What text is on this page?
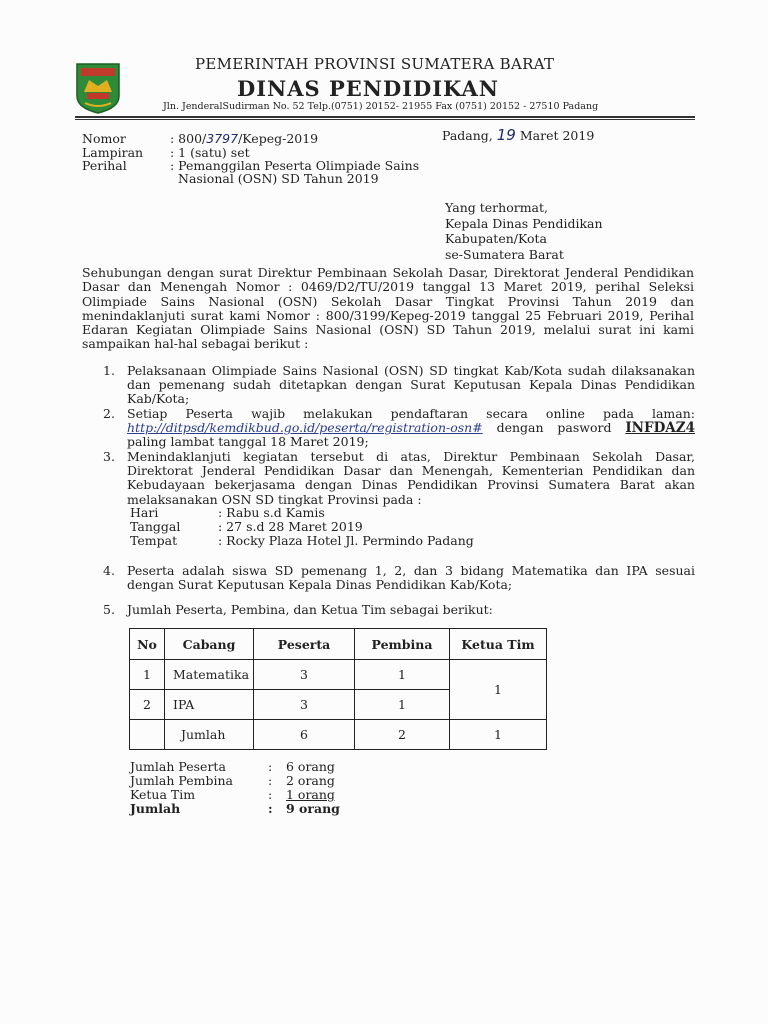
PEMERINTAH PROVINSI SUMATERA BARAT
DINAS PENDIDIKAN
Jln. JenderalSudirman No. 52 Telp.(0751) 20152- 21955 Fax (0751) 20152 - 27510 Padang
Nomor	: 800/3797/Kepeg-2019
Lampiran : 1 (satu) set
Perihal	: Pemanggilan Peserta Olimpiade Sains
Nasional (OSN) SD Tahun 2019
Padang, 19 Maret 2019
Yang terhormat,
Kepala Dinas Pendidikan
Kabupaten/Kota
se-Sumatera Barat
Sehubungan dengan surat Direktur Pembinaan Sekolah Dasar, Direktorat Jenderal Pendidikan Dasar dan Menengah Nomor : 0469/D2/TU/2019 tanggal 13 Maret 2019, perihal Seleksi Olimpiade Sains Nasional (OSN) Sekolah Dasar Tingkat Provinsi Tahun 2019 dan menindaklanjuti surat kami Nomor : 800/3199/Kepeg-2019 tanggal 25 Februari 2019, Perihal Edaran Kegiatan Olimpiade Sains Nasional (OSN) SD Tahun 2019, melalui surat ini kami sampaikan hal-hal sebagai berikut :
1. Pelaksanaan Olimpiade Sains Nasional (OSN) SD tingkat Kab/Kota sudah dilaksanakan dan pemenang sudah ditetapkan dengan Surat Keputusan Kepala Dinas Pendidikan Kab/Kota;
2. Setiap Peserta wajib melakukan pendaftaran secara online pada laman: http://ditpsd/kemdikbud.go.id/peserta/registration-osn# dengan pasword INFDAZ4 paling lambat tanggal 18 Maret 2019;
3. Menindaklanjuti kegiatan tersebut di atas, Direktur Pembinaan Sekolah Dasar, Direktorat Jenderal Pendidikan Dasar dan Menengah, Kementerian Pendidikan dan Kebudayaan bekerjasama dengan Dinas Pendidikan Provinsi Sumatera Barat akan melaksanakan OSN SD tingkat Provinsi pada :
4. Peserta adalah siswa SD pemenang 1, 2, dan 3 bidang Matematika dan IPA sesuai dengan Surat Keputusan Kepala Dinas Pendidikan Kab/Kota;
5. Jumlah Peserta, Pembina, dan Ketua Tim sebagai berikut:
Hari	: Rabu s.d Kamis
Tanggal	: 27 s.d 28 Maret 2019
Tempat	: Rocky Plaza Hotel Jl. Permindo Padang
No	Cabang	Peserta	Pembina	Ketua Tim
1	Matematika	3	1	1
2	IPA	3	1	
	Jumlah	6	2	1
Jumlah Peserta	: 6 orang
Jumlah Pembina	: 2 orang
Ketua Tim	: 1 orang
Jumlah	: 9 orang
